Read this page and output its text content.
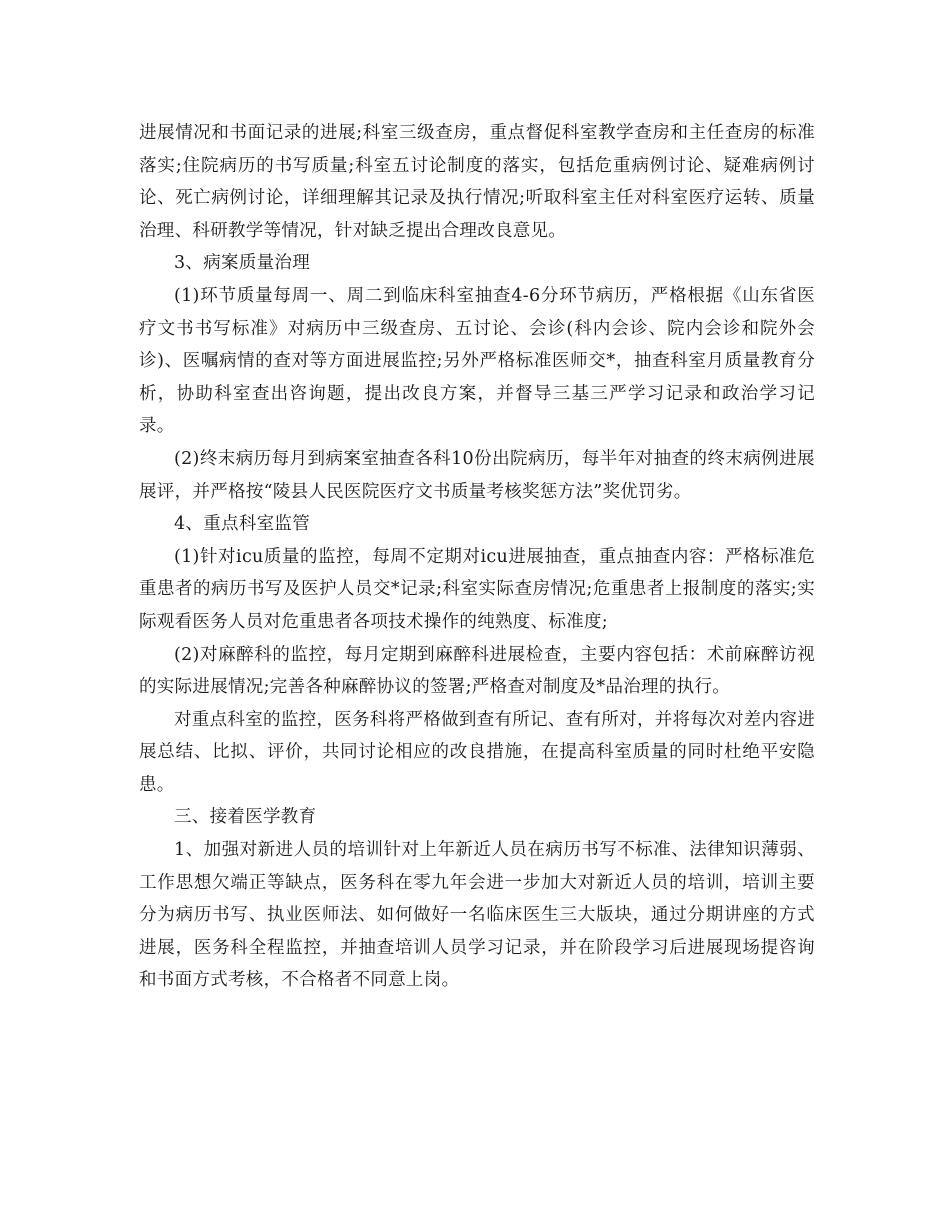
进展情况和书面记录的进展;科室三级查房，重点督促科室教学查房和主任查房的标准落实;住院病历的书写质量;科室五讨论制度的落实，包括危重病例讨论、疑难病例讨论、死亡病例讨论，详细理解其记录及执行情况;听取科室主任对科室医疗运转、质量治理、科研教学等情况，针对缺乏提出合理改良意见。

3、病案质量治理

(1)环节质量每周一、周二到临床科室抽查4-6分环节病历，严格根据《山东省医疗文书书写标准》对病历中三级查房、五讨论、会诊(科内会诊、院内会诊和院外会诊)、医嘱病情的查对等方面进展监控;另外严格标准医师交*，抽查科室月质量教育分析，协助科室查出咨询题，提出改良方案，并督导三基三严学习记录和政治学习记录。

(2)终末病历每月到病案室抽查各科10份出院病历，每半年对抽查的终末病例进展展评，并严格按“陵县人民医院医疗文书质量考核奖惩方法”奖优罚劣。

4、重点科室监管

(1)针对icu质量的监控，每周不定期对icu进展抽查，重点抽查内容：严格标准危重患者的病历书写及医护人员交*记录;科室实际查房情况;危重患者上报制度的落实;实际观看医务人员对危重患者各项技术操作的纯熟度、标准度;

(2)对麻醉科的监控，每月定期到麻醉科进展检查，主要内容包括：术前麻醉访视的实际进展情况;完善各种麻醉协议的签署;严格查对制度及*品治理的执行。

对重点科室的监控，医务科将严格做到查有所记、查有所对，并将每次对差内容进展总结、比拟、评价，共同讨论相应的改良措施，在提高科室质量的同时杜绝平安隐患。

三、接着医学教育

1、加强对新进人员的培训针对上年新近人员在病历书写不标准、法律知识薄弱、工作思想欠端正等缺点，医务科在零九年会进一步加大对新近人员的培训，培训主要分为病历书写、执业医师法、如何做好一名临床医生三大版块，通过分期讲座的方式进展，医务科全程监控，并抽查培训人员学习记录，并在阶段学习后进展现场提咨询和书面方式考核，不合格者不同意上岗。
